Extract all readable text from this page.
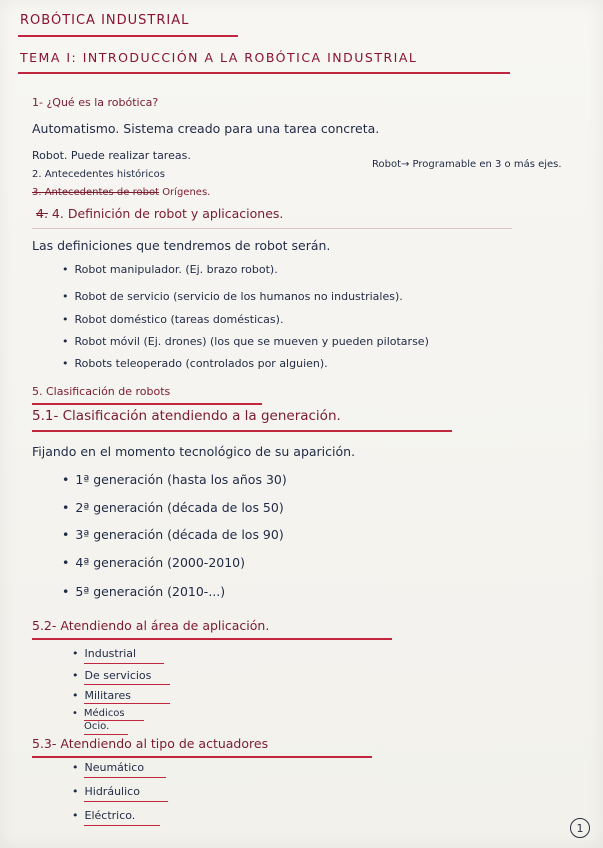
ROBÓTICA INDUSTRIAL
TEMA I: INTRODUCCIÓN A LA ROBÓTICA INDUSTRIAL
1- ¿Qué es la robótica?
Automatismo. Sistema creado para una tarea concreta.
Robot. Puede realizar tareas.
Robot→ Programable en 3 o más ejes.
2. Antecedentes históricos
3. Antecedentes de robot Orígenes.
4. 4. Definición de robot y aplicaciones.
Las definiciones que tendremos de robot serán.
• Robot manipulador. (Ej. brazo robot).
• Robot de servicio (servicio de los humanos no industriales).
• Robot doméstico (tareas domésticas).
• Robot móvil (Ej. drones) (los que se mueven y pueden pilotarse)
• Robots teleoperado (controlados por alguien).
5. Clasificación de robots
5.1- Clasificación atendiendo a la generación.
Fijando en el momento tecnológico de su aparición.
• 1ª generación (hasta los años 30)
• 2ª generación (década de los 50)
• 3ª generación (década de los 90)
• 4ª generación (2000-2010)
• 5ª generación (2010-...)
5.2- Atendiendo al área de aplicación.
• Industrial
• De servicios
• Militares
• Médicos
Ocio.
5.3- Atendiendo al tipo de actuadores
• Neumático
• Hidráulico
• Eléctrico.
1
